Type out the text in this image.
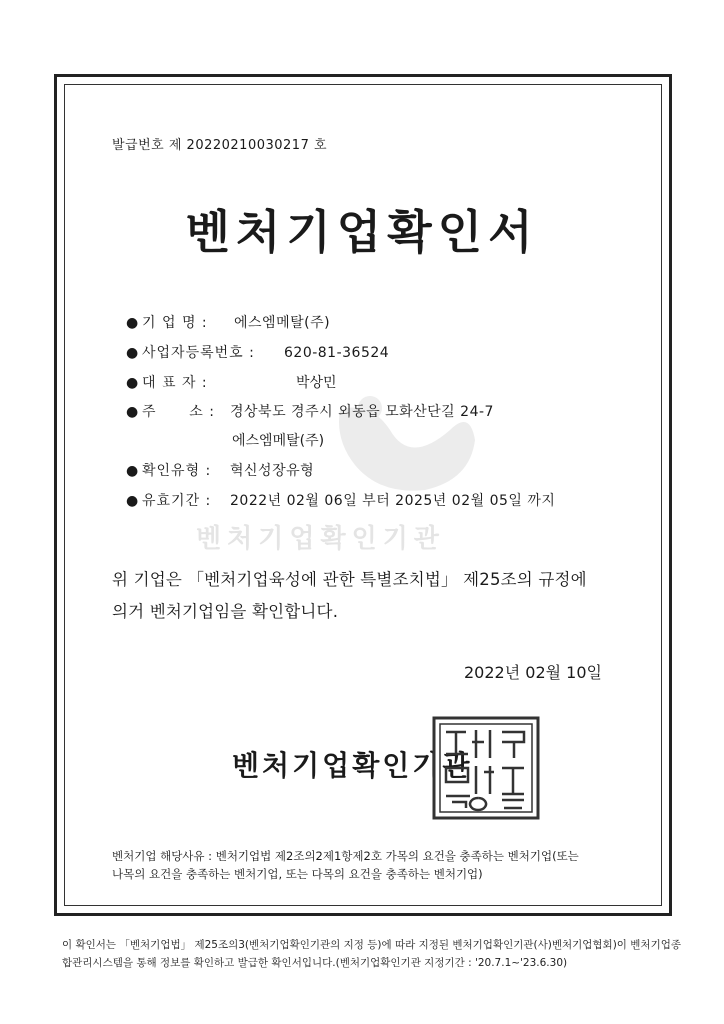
발급번호 제 20220210030217 호
벤처기업확인서
벤처기업확인기관
● 기 업 명 : 에스엠메탈(주)
● 사업자등록번호 : 620-81-36524
● 대 표 자 :	박상민
● 주      소 : 경상북도 경주시 외동읍 모화산단길 24-7
에스엠메탈(주)
● 확인유형 : 혁신성장유형
● 유효기간 : 2022년 02월 06일 부터 2025년 02월 05일 까지
위 기업은 「벤처기업육성에 관한 특별조치법」 제25조의 규정에
의거 벤처기업임을 확인합니다.
2022년 02월 10일
벤처기업확인기관
벤처기업 해당사유 : 벤처기업법 제2조의2제1항제2호 가목의 요건을 충족하는 벤처기업(또는
나목의 요건을 충족하는 벤처기업, 또는 다목의 요건을 충족하는 벤처기업)
이 확인서는 「벤처기업법」 제25조의3(벤처기업확인기관의 지정 등)에 따라 지정된 벤처기업확인기관(사)벤처기업협회)이 벤처기업종
합관리시스템을 통해 정보를 확인하고 발급한 확인서입니다.(벤처기업확인기관 지정기간 : '20.7.1~'23.6.30)
